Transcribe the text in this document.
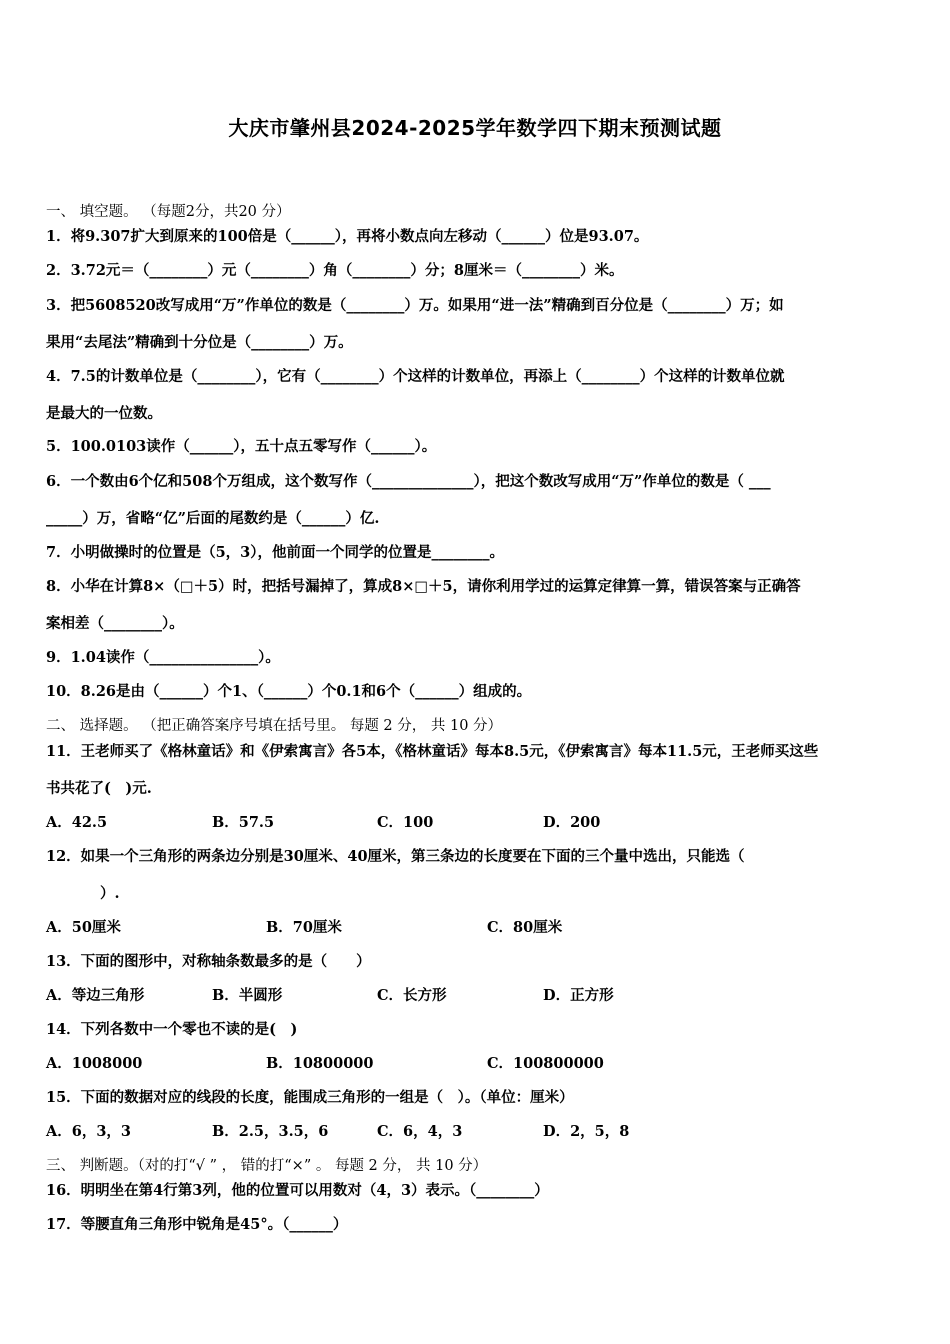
大庆市肇州县2024-2025学年数学四下期末预测试题
一、 填空题。 （每题2分，共20 分）
1．将9.307扩大到原来的100倍是（______），再将小数点向左移动（______）位是93.07。
2．3.72元＝（________）元（________）角（________）分；8厘米＝（________）米。
3．把5608520改写成用“万”作单位的数是（________）万。如果用“进一法”精确到百分位是（________）万；如
果用“去尾法”精确到十分位是（________）万。
4．7.5的计数单位是（________），它有（________）个这样的计数单位，再添上（________）个这样的计数单位就
是最大的一位数。
5．100.0103读作（______），五十点五零写作（______）。
6．一个数由6个亿和508个万组成，这个数写作（______________），把这个数改写成用“万”作单位的数是（ ___
_____）万，省略“亿”后面的尾数约是（______）亿.
7．小明做操时的位置是（5，3），他前面一个同学的位置是________。
8．小华在计算8×（□＋5）时，把括号漏掉了，算成8×□＋5，请你利用学过的运算定律算一算，错误答案与正确答
案相差（________）。
9．1.04读作（_______________）。
10．8.26是由（______）个1、（______）个0.1和6个（______）组成的。
二、 选择题。 （把正确答案序号填在括号里。 每题 2 分， 共 10 分）
11．王老师买了《格林童话》和《伊索寓言》各5本，《格林童话》每本8.5元，《伊索寓言》每本11.5元，王老师买这些
书共花了(　)元.
A．42.5	B．57.5	C．100	D．200
12．如果一个三角形的两条边分别是30厘米、40厘米，第三条边的长度要在下面的三个量中选出，只能选（
）.
A．50厘米	B．70厘米	C．80厘米
13．下面的图形中，对称轴条数最多的是（　　）
A．等边三角形	B．半圆形	C．长方形	D．正方形
14．下列各数中一个零也不读的是(　)
A．1008000	B．10800000	C．100800000
15．下面的数据对应的线段的长度，能围成三角形的一组是（　）。（单位：厘米）
A．6，3，3	B．2.5，3.5，6	C．6，4，3	D．2，5，8
三、 判断题。（对的打“√ ” ， 错的打“×” 。 每题 2 分， 共 10 分）
16．明明坐在第4行第3列，他的位置可以用数对（4，3）表示。（________）
17．等腰直角三角形中锐角是45°。（______）
